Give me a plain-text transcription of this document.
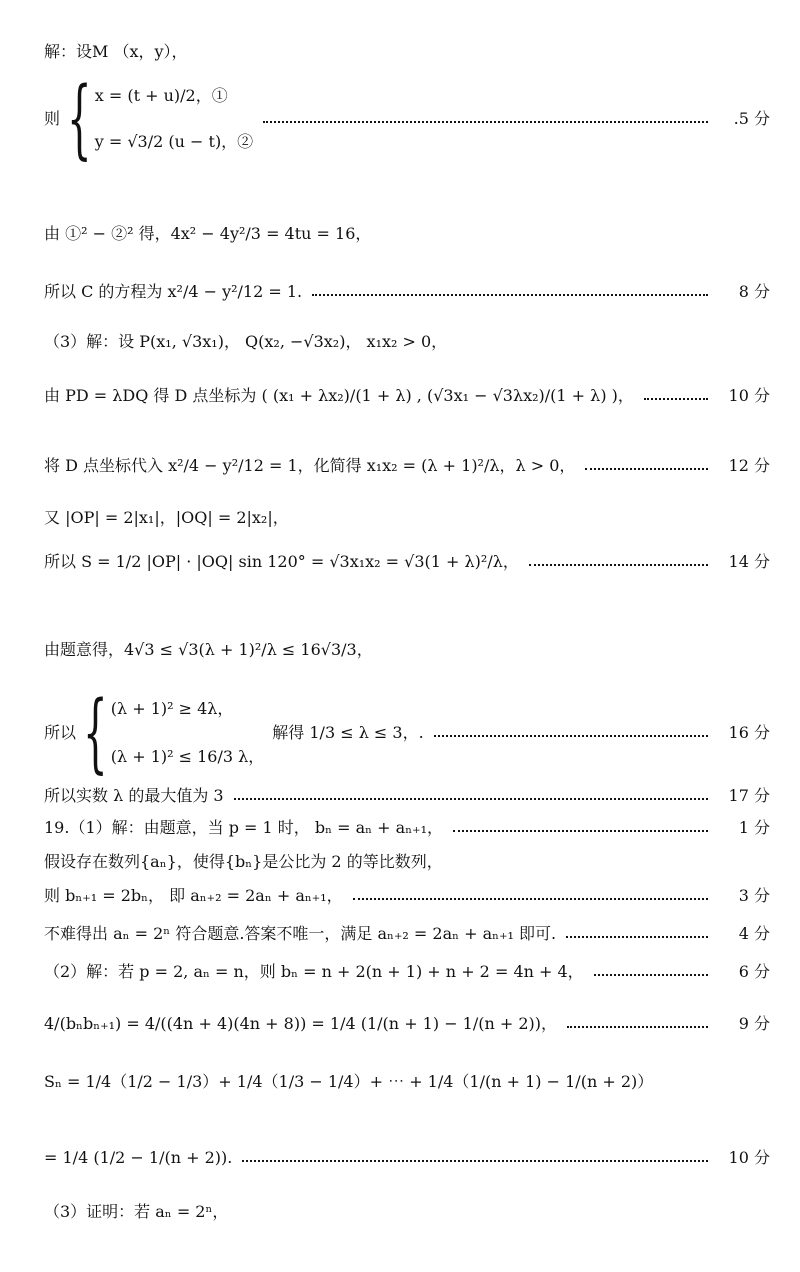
解：设M （x，y），
则 { x = (t + u)/2，①
y = √3/2 (u − t)，②
.5 分
由 ①² − ②² 得，4x² − 4y²/3 = 4tu = 16，
所以 C 的方程为 x²/4 − y²/12 = 1.	8 分
（3）解：设 P(x₁, √3x₁)， Q(x₂, −√3x₂)， x₁x₂ > 0，
由 PD = λDQ 得 D 点坐标为 ( (x₁ + λx₂)/(1 + λ) , (√3x₁ − √3λx₂)/(1 + λ) )，	10 分
将 D 点坐标代入 x²/4 − y²/12 = 1，化简得 x₁x₂ = (λ + 1)²/λ，λ > 0，	12 分
又 |OP| = 2|x₁|，|OQ| = 2|x₂|，
所以 S = 1/2 |OP| · |OQ| sin 120° = √3x₁x₂ = √3(1 + λ)²/λ，	14 分
由题意得，4√3 ≤ √3(λ + 1)²/λ ≤ 16√3/3，
所以 { (λ + 1)² ≥ 4λ，
(λ + 1)² ≤ 16/3 λ，
解得 1/3 ≤ λ ≤ 3，.	16 分
所以实数 λ 的最大值为 3	17 分
19.（1）解：由题意，当 p = 1 时， bₙ = aₙ + aₙ₊₁，	1 分
假设存在数列{aₙ}，使得{bₙ}是公比为 2 的等比数列，
则 bₙ₊₁ = 2bₙ， 即 aₙ₊₂ = 2aₙ + aₙ₊₁，	3 分
不难得出 aₙ = 2ⁿ 符合题意.答案不唯一，满足 aₙ₊₂ = 2aₙ + aₙ₊₁ 即可.	4 分
（2）解：若 p = 2, aₙ = n，则 bₙ = n + 2(n + 1) + n + 2 = 4n + 4，	6 分
4/(bₙbₙ₊₁) = 4/((4n + 4)(4n + 8)) = 1/4 (1/(n + 1) − 1/(n + 2))，	9 分
Sₙ = 1/4（1/2 − 1/3）+ 1/4（1/3 − 1/4）+ ⋯ + 1/4（1/(n + 1) − 1/(n + 2)）
= 1/4 (1/2 − 1/(n + 2)).	10 分
（3）证明：若 aₙ = 2ⁿ，
